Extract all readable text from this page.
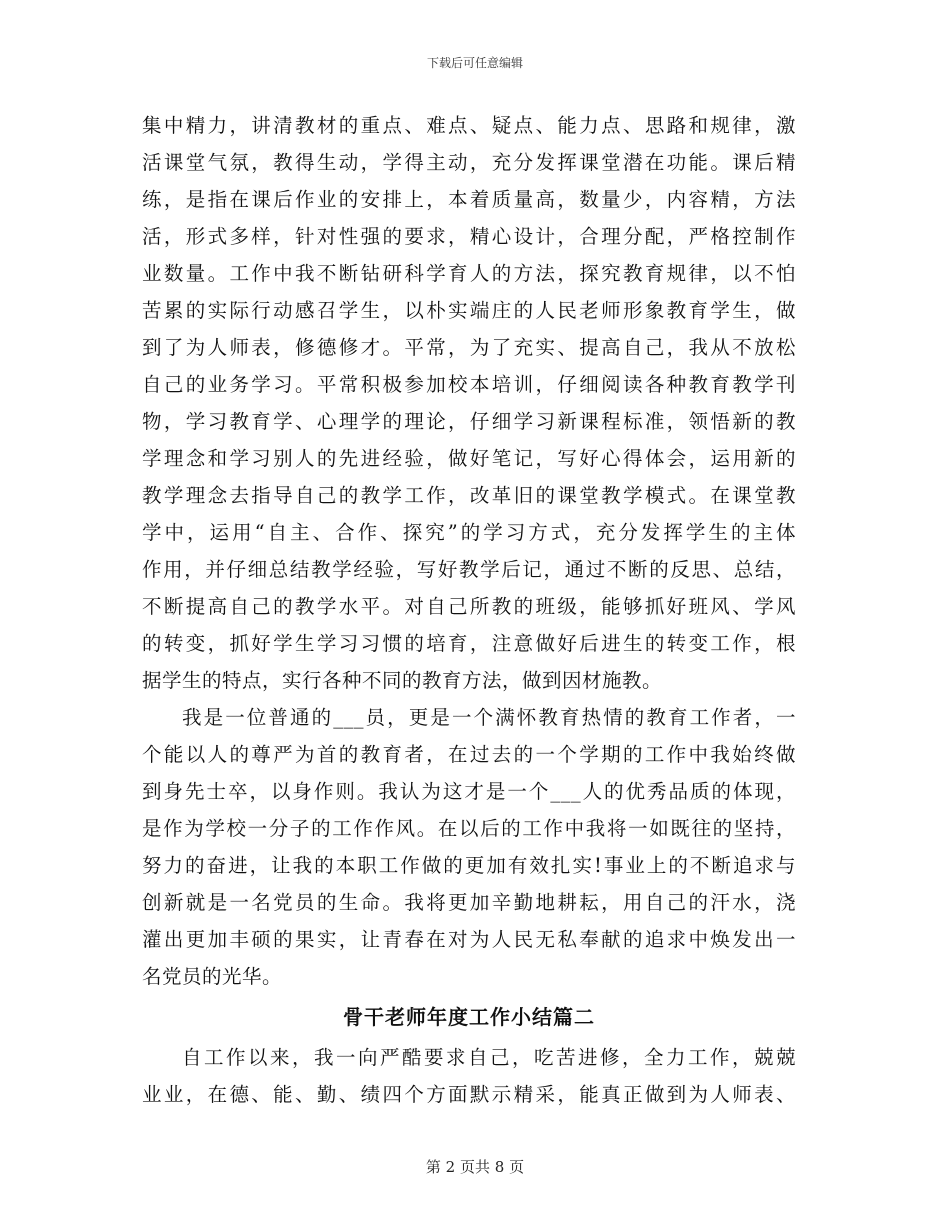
下载后可任意编辑
集中精力，讲清教材的重点、难点、疑点、能力点、思路和规律，激
活课堂气氛，教得生动，学得主动，充分发挥课堂潜在功能。课后精
练，是指在课后作业的安排上，本着质量高，数量少，内容精，方法
活，形式多样，针对性强的要求，精心设计，合理分配，严格控制作
业数量。工作中我不断钻研科学育人的方法，探究教育规律，以不怕
苦累的实际行动感召学生，以朴实端庄的人民老师形象教育学生，做
到了为人师表，修德修才。平常，为了充实、提高自己，我从不放松
自己的业务学习。平常积极参加校本培训，仔细阅读各种教育教学刊
物，学习教育学、心理学的理论，仔细学习新课程标准，领悟新的教
学理念和学习别人的先进经验，做好笔记，写好心得体会，运用新的
教学理念去指导自己的教学工作，改革旧的课堂教学模式。在课堂教
学中，运用“自主、合作、探究”的学习方式，充分发挥学生的主体
作用，并仔细总结教学经验，写好教学后记，通过不断的反思、总结，
不断提高自己的教学水平。对自己所教的班级，能够抓好班风、学风
的转变，抓好学生学习习惯的培育，注意做好后进生的转变工作，根
据学生的特点，实行各种不同的教育方法，做到因材施教。
我是一位普通的___员，更是一个满怀教育热情的教育工作者，一
个能以人的尊严为首的教育者，在过去的一个学期的工作中我始终做
到身先士卒，以身作则。我认为这才是一个___人的优秀品质的体现，
是作为学校一分子的工作作风。在以后的工作中我将一如既往的坚持，
努力的奋进，让我的本职工作做的更加有效扎实!事业上的不断追求与
创新就是一名党员的生命。我将更加辛勤地耕耘，用自己的汗水，浇
灌出更加丰硕的果实，让青春在对为人民无私奉献的追求中焕发出一
名党员的光华。
骨干老师年度工作小结篇二
自工作以来，我一向严酷要求自己，吃苦进修，全力工作，兢兢
业业，在德、能、勤、绩四个方面默示精采，能真正做到为人师表、
第 2 页共 8 页
